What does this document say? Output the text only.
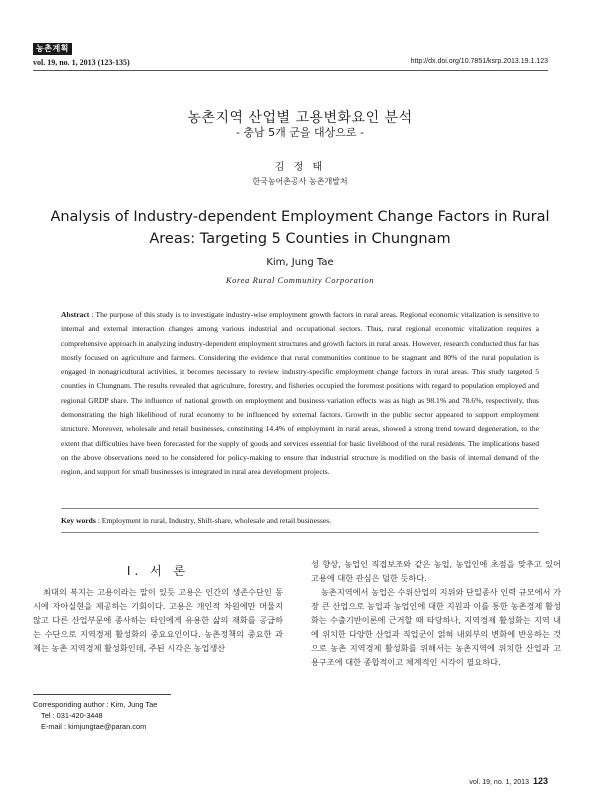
농촌계획
vol. 19, no. 1, 2013 (123-135)	http://dx.doi.org/10.7851/ksrp.2013.19.1.123
농촌지역 산업별 고용변화요인 분석
- 충남 5개 군을 대상으로 -
김 정 태
한국농어촌공사 농촌개발처
Analysis of Industry-dependent Employment Change Factors in Rural Areas: Targeting 5 Counties in Chungnam
Kim, Jung Tae
Korea Rural Community Corporation
Abstract : The purpose of this study is to investigate industry-wise employment growth factors in rural areas. Regional economic vitalization is sensitive to internal and external interaction changes among various industrial and occupational sectors. Thus, rural regional economic vitalization requires a comprehensive approach in analyzing industry-dependent employment structures and growth factors in rural areas. However, research conducted thus far has mostly focused on agriculture and farmers. Considering the evidence that rural communities continue to be stagnant and 80% of the rural population is engaged in nonagricultural activities, it becomes necessary to review industry-specific employment change factors in rural areas. This study targeted 5 counties in Chungnam. The results revealed that agriculture, forestry, and fisheries occupied the foremost positions with regard to population employed and regional GRDP share. The influence of national growth on employment and business variation effects was as high as 98.1% and 78.6%, respectively, thus demonstrating the high likelihood of rural economy to be influenced by external factors. Growth in the public sector appeared to support employment structure. Moreover, wholesale and retail businesses, constituting 14.4% of employment in rural areas, showed a strong trend toward degeneration, to the extent that difficulties have been forecasted for the supply of goods and services essential for basic livelihood of the rural residents. The implications based on the above observations need to be considered for policy-making to ensure that industrial structure is modified on the basis of internal demand of the region, and support for small businesses is integrated in rural area development projects.
Key words : Employment in rural, Industry, Shift-share, wholesale and retail businesses.
I. 서 론

최대의 복지는 고용이라는 말이 있듯 고용은 인간의 생존수단인 동시에 자아실현을 제공하는 기회이다. 고용은 개인적 차원에만 머물지 않고 다른 산업부문에 종사하는 타인에게 유용한 삶의 재화를 공급하는 수단으로 지역경제 활성화의 중요요인이다. 농촌정책의 중요한 과제는 농촌 지역경제 활성화인데, 주된 시각은 농업생산

성 향상, 농업인 직접보조와 같은 농업, 농업인에 초점을 맞추고 있어 고용에 대한 관심은 덜한 듯하다.

농촌지역에서 농업은 수위산업의 지위와 단일종사 인력 규모에서 가장 큰 산업으로 농업과 농업인에 대한 지원과 이를 통한 농촌경제 활성화는 수출기반이론에 근거할 때 타당하나, 지역경제 활성화는 지역 내에 위치한 다양한 산업과 직업군이 얽혀 내외부의 변화에 반응하는 것으로 농촌 지역경제 활성화를 위해서는 농촌지역에 위치한 산업과 고용구조에 대한 종합적이고 체계적인 시각이 필요하다.

Corresponding author : Kim, Jung Tae
Tel : 031-420-3448
E-mail : kimjungtae@paran.com
vol. 19, no. 1, 2013 123
